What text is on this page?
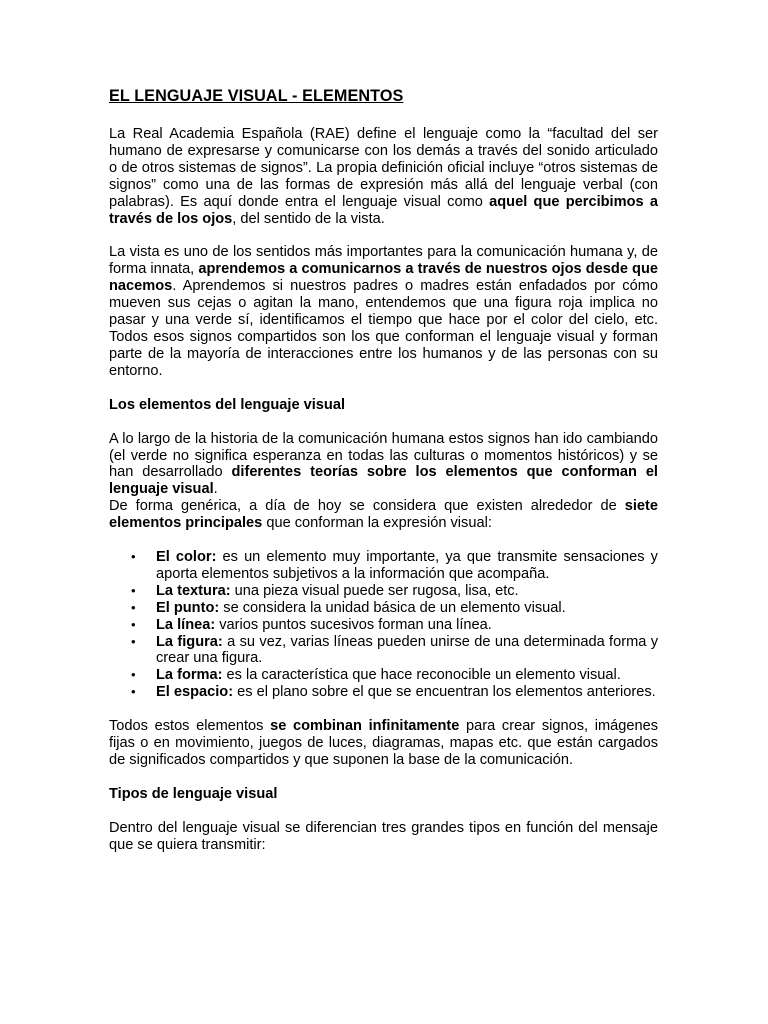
EL LENGUAJE VISUAL - ELEMENTOS

La Real Academia Española (RAE) define el lenguaje como la “facultad del ser humano de expresarse y comunicarse con los demás a través del sonido articulado o de otros sistemas de signos”. La propia definición oficial incluye “otros sistemas de signos” como una de las formas de expresión más allá del lenguaje verbal (con palabras). Es aquí donde entra el lenguaje visual como aquel que percibimos a través de los ojos, del sentido de la vista.

La vista es uno de los sentidos más importantes para la comunicación humana y, de forma innata, aprendemos a comunicarnos a través de nuestros ojos desde que nacemos. Aprendemos si nuestros padres o madres están enfadados por cómo mueven sus cejas o agitan la mano, entendemos que una figura roja implica no pasar y una verde sí, identificamos el tiempo que hace por el color del cielo, etc. Todos esos signos compartidos son los que conforman el lenguaje visual y forman parte de la mayoría de interacciones entre los humanos y de las personas con su entorno.

Los elementos del lenguaje visual

A lo largo de la historia de la comunicación humana estos signos han ido cambiando (el verde no significa esperanza en todas las culturas o momentos históricos) y se han desarrollado diferentes teorías sobre los elementos que conforman el lenguaje visual.

De forma genérica, a día de hoy se considera que existen alrededor de siete elementos principales que conforman la expresión visual:

• El color: es un elemento muy importante, ya que transmite sensaciones y aporta elementos subjetivos a la información que acompaña.
• La textura: una pieza visual puede ser rugosa, lisa, etc.
• El punto: se considera la unidad básica de un elemento visual.
• La línea: varios puntos sucesivos forman una línea.
• La figura: a su vez, varias líneas pueden unirse de una determinada forma y crear una figura.
• La forma: es la característica que hace reconocible un elemento visual.
• El espacio: es el plano sobre el que se encuentran los elementos anteriores.

Todos estos elementos se combinan infinitamente para crear signos, imágenes fijas o en movimiento, juegos de luces, diagramas, mapas etc. que están cargados de significados compartidos y que suponen la base de la comunicación.

Tipos de lenguaje visual

Dentro del lenguaje visual se diferencian tres grandes tipos en función del mensaje que se quiera transmitir:
